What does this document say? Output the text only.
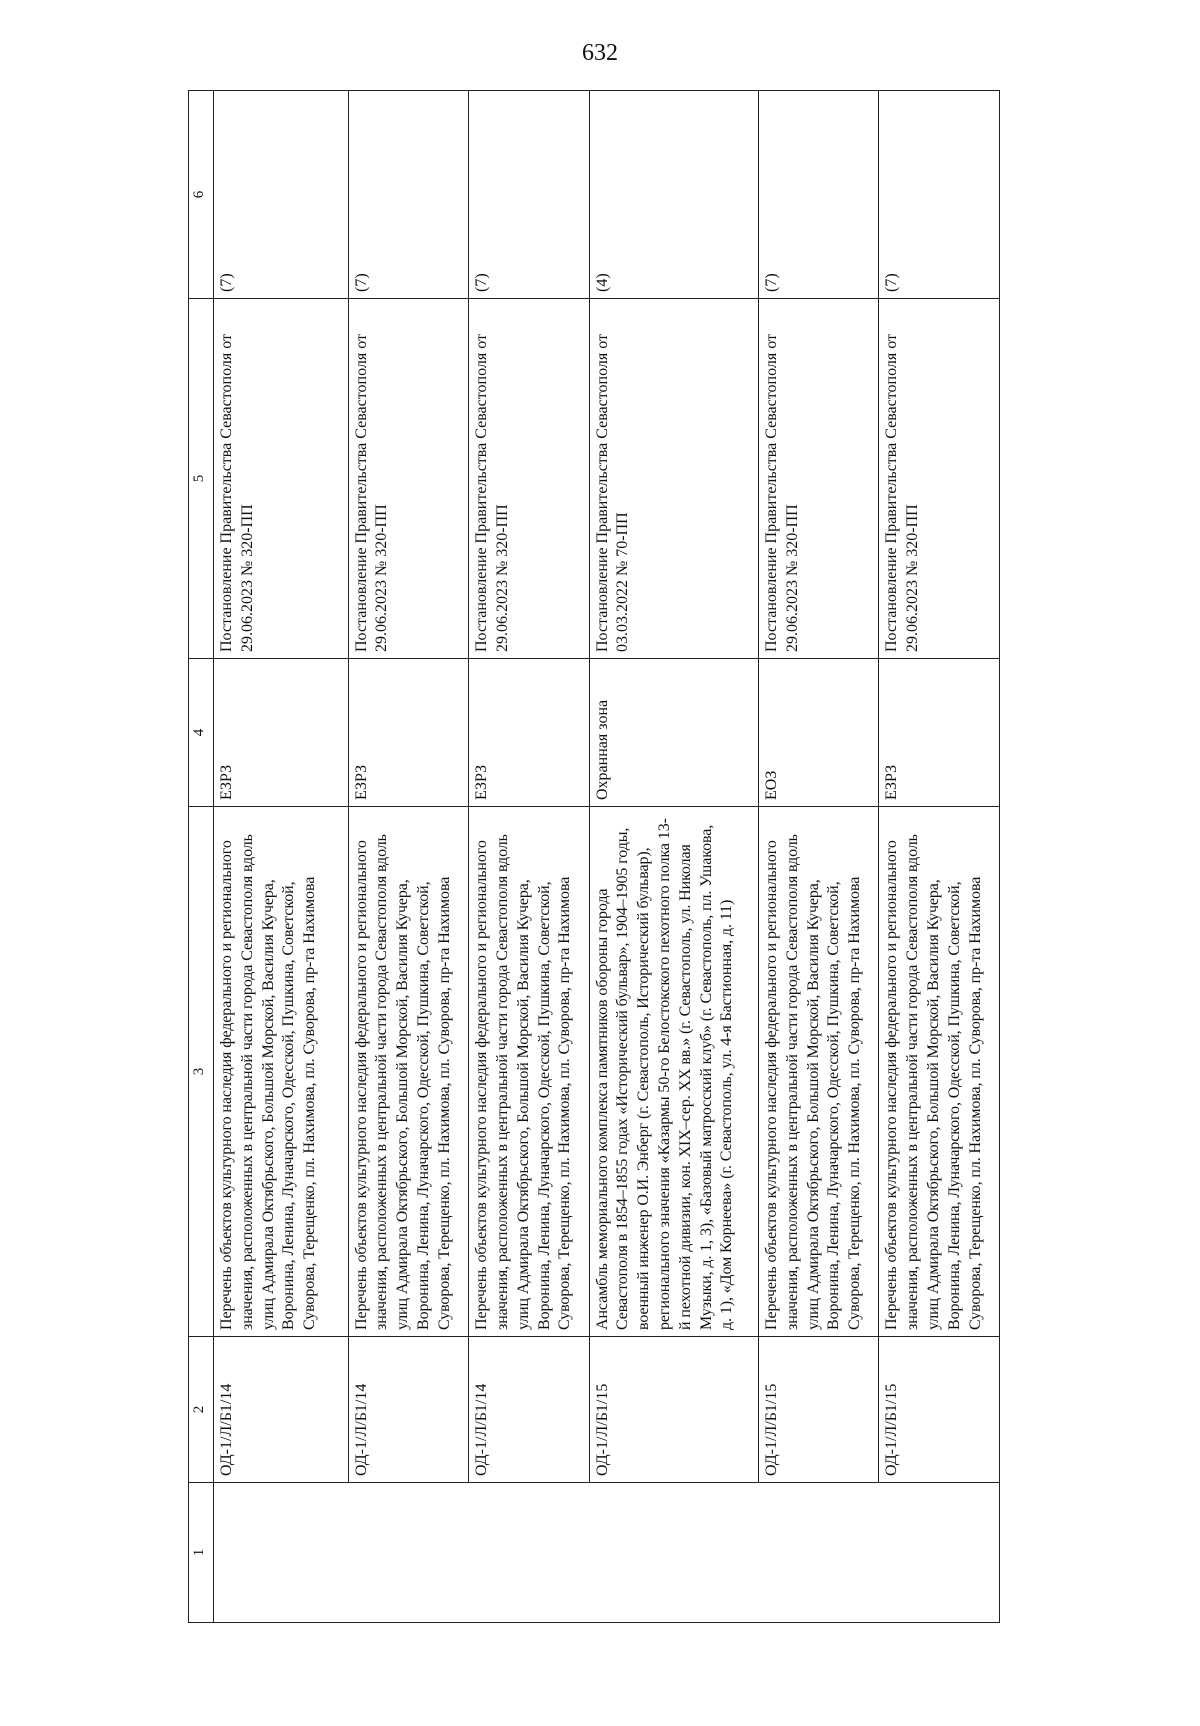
632
1	2	3	4	5	6
	ОД-1/Л/Б1/14	Перечень объектов культурного наследия федерального и регионального значения, расположенных в центральной части города Севастополя вдоль улиц Адмирала Октябрьского, Большой Морской, Василия Кучера, Воронина, Ленина, Луначарского, Одесской, Пушкина, Советской, Суворова, Терещенко, пл. Нахимова, пл. Суворова, пр-та Нахимова	ЕЗРЗ	Постановление Правительства Севастополя от 29.06.2023 № 320-ПП	(7)
	ОД-1/Л/Б1/14	Перечень объектов культурного наследия федерального и регионального значения, расположенных в центральной части города Севастополя вдоль улиц Адмирала Октябрьского, Большой Морской, Василия Кучера, Воронина, Ленина, Луначарского, Одесской, Пушкина, Советской, Суворова, Терещенко, пл. Нахимова, пл. Суворова, пр-та Нахимова	ЕЗРЗ	Постановление Правительства Севастополя от 29.06.2023 № 320-ПП	(7)
	ОД-1/Л/Б1/14	Перечень объектов культурного наследия федерального и регионального значения, расположенных в центральной части города Севастополя вдоль улиц Адмирала Октябрьского, Большой Морской, Василия Кучера, Воронина, Ленина, Луначарского, Одесской, Пушкина, Советской, Суворова, Терещенко, пл. Нахимова, пл. Суворова, пр-та Нахимова	ЕЗРЗ	Постановление Правительства Севастополя от 29.06.2023 № 320-ПП	(7)
	ОД-1/Л/Б1/15	Ансамбль мемориального комплекса памятников обороны города Севастополя в 1854–1855 годах «Исторический бульвар», 1904–1905 годы, военный инженер О.И. Энберг (г. Севастополь, Исторический бульвар), регионального значения «Казармы 50-го Белостокского пехотного полка 13-й пехотной дивизии, кон. XIX–сер. XX вв.» (г. Севастополь, ул. Николая Музыки, д. 1, 3), «Базовый матросский клуб» (г. Севастополь, пл. Ушакова, д. 1), «Дом Корнеева» (г. Севастополь, ул. 4-я Бастионная, д. 11)	Охранная зона	Постановление Правительства Севастополя от 03.03.2022 № 70-ПП	(4)
	ОД-1/Л/Б1/15	Перечень объектов культурного наследия федерального и регионального значения, расположенных в центральной части города Севастополя вдоль улиц Адмирала Октябрьского, Большой Морской, Василия Кучера, Воронина, Ленина, Луначарского, Одесской, Пушкина, Советской, Суворова, Терещенко, пл. Нахимова, пл. Суворова, пр-та Нахимова	ЕОЗ	Постановление Правительства Севастополя от 29.06.2023 № 320-ПП	(7)
	ОД-1/Л/Б1/15	Перечень объектов культурного наследия федерального и регионального значения, расположенных в центральной части города Севастополя вдоль улиц Адмирала Октябрьского, Большой Морской, Василия Кучера, Воронина, Ленина, Луначарского, Одесской, Пушкина, Советской, Суворова, Терещенко, пл. Нахимова, пл. Суворова, пр-та Нахимова	ЕЗРЗ	Постановление Правительства Севастополя от 29.06.2023 № 320-ПП	(7)
